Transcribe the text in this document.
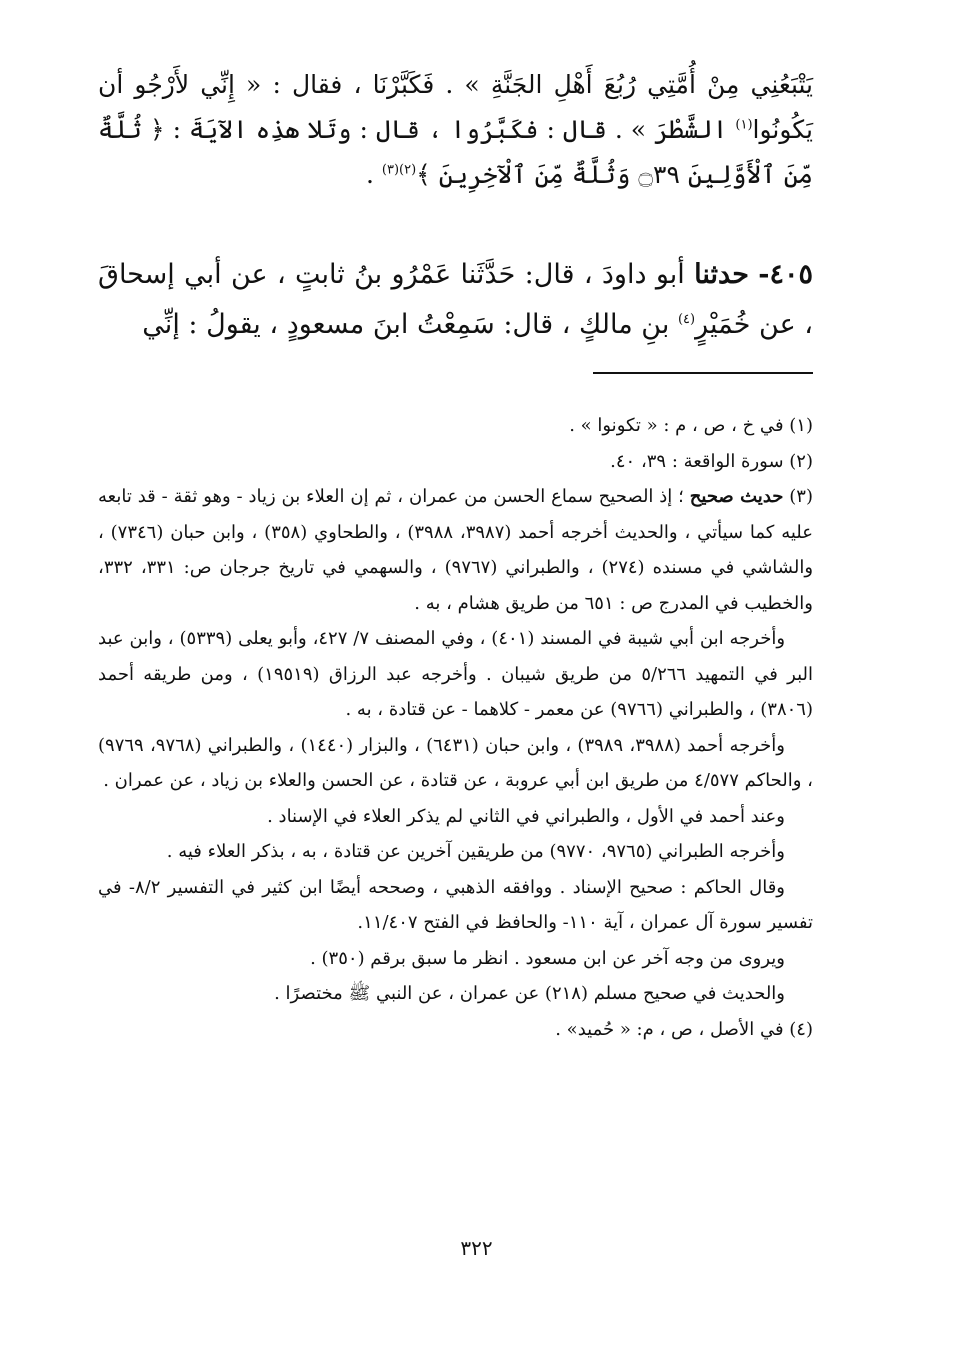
يَتْبَعُنِي مِنْ أُمَّتِي رُبُعَ أَهْلِ الجَنَّةِ » . فَكَبَّرْنَا ، فقال : « إِنِّي لأَرْجُو أن يَكُونُوا$^{(١)}$ الشَّطْرَ » . قال : فكَبَّرُوا ، قال : وتَلا هذِه الآيَةَ : ﴿ ثُلَّةٌ مِّنَ ٱلْأَوَّلِينَ ۝٣٩ وَثُلَّةٌ مِّنَ ٱلْآخِرِينَ ﴾$^{(٢)(٣)}$ .

٤٠٥- حدثنا أبو داودَ ، قال: حَدَّثَنا عَمْرُو بنُ ثابتٍ ، عن أبي إسحاقَ ، عن خُمَيْرٍ$^{(٤)}$ بنِ مالكٍ ، قال: سَمِعْتُ ابنَ مسعودٍ ، يقولُ : إنِّي

(١) في خ ، ص ، م : « تكونوا » .

(٢) سورة الواقعة : ٣٩، ٤٠.

(٣) حديث صحيح ؛ إذ الصحيح سماع الحسن من عمران ، ثم إن العلاء بن زياد - وهو ثقة - قد تابعه عليه كما سيأتي ، والحديث أخرجه أحمد (٣٩٨٧، ٣٩٨٨) ، والطحاوي (٣٥٨) ، وابن حبان (٧٣٤٦) ، والشاشي في مسنده (٢٧٤) ، والطبراني (٩٧٦٧) ، والسهمي في تاريخ جرجان ص: ٣٣١، ٣٣٢، والخطيب في المدرج ص : ٦٥١ من طريق هشام ، به .

وأخرجه ابن أبي شيبة في المسند (٤٠١) ، وفي المصنف ٧/ ٤٢٧، وأبو يعلى (٥٣٣٩) ، وابن عبد البر في التمهيد ٥/٢٦٦ من طريق شيبان . وأخرجه عبد الرزاق (١٩٥١٩) ، ومن طريقه أحمد (٣٨٠٦) ، والطبراني (٩٧٦٦) عن معمر - كلاهما - عن قتادة ، به .

وأخرجه أحمد (٣٩٨٨، ٣٩٨٩) ، وابن حبان (٦٤٣١) ، والبزار (١٤٤٠) ، والطبراني (٩٧٦٨، ٩٧٦٩) ، والحاكم ٤/٥٧٧ من طريق ابن أبي عروبة ، عن قتادة ، عن الحسن والعلاء بن زياد ، عن عمران .

وعند أحمد في الأول ، والطبراني في الثاني لم يذكر العلاء في الإسناد .

وأخرجه الطبراني (٩٧٦٥، ٩٧٧٠) من طريقين آخرين عن قتادة ، به ، بذكر العلاء فيه .

وقال الحاكم : صحيح الإسناد . ووافقه الذهبي ، وصححه أيضًا ابن كثير في التفسير ٨/٢- في تفسير سورة آل عمران ، آية ١١٠- والحافظ في الفتح ١١/٤٠٧.

ويروى من وجه آخر عن ابن مسعود . انظر ما سبق برقم (٣٥٠) .

والحديث في صحيح مسلم (٢١٨) عن عمران ، عن النبي ﷺ مختصرًا .

(٤) في الأصل ، ص ، م: « حُميد» .

٣٢٢
